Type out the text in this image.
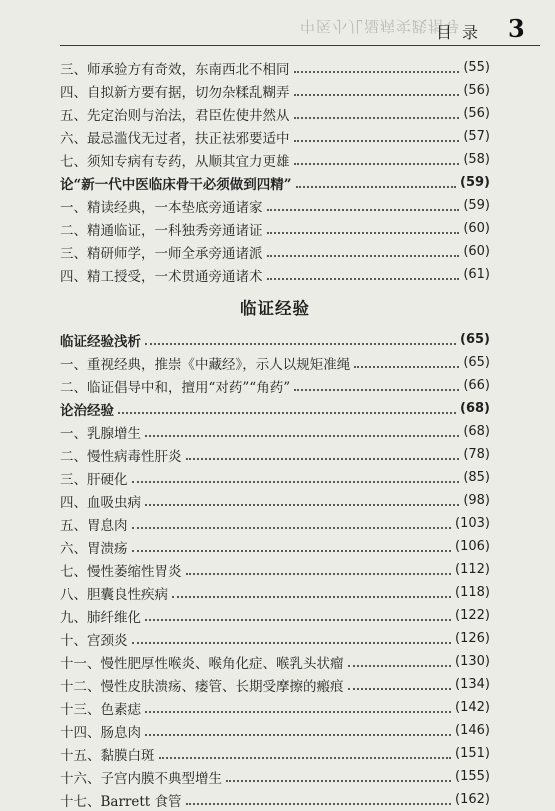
中医小儿湿病实践指导
目录 3
三、师承验方有奇效，东南西北不相同	(55)
四、自拟新方要有据，切勿杂糅乱糊弄	(56)
五、先定治则与治法，君臣佐使井然从	(56)
六、最忌滥伐无过者，扶正祛邪要适中	(57)
七、须知专病有专药，从顺其宜力更雄	(58)
论“新一代中医临床骨干必须做到四精”	(59)
一、精读经典，一本垫底旁通诸家	(59)
二、精通临证，一科独秀旁通诸证	(60)
三、精研师学，一师全承旁通诸派	(60)
四、精工授受，一术贯通旁通诸术	(61)
临证经验
临证经验浅析	(65)
一、重视经典，推崇《中藏经》，示人以规矩准绳	(65)
二、临证倡导中和，擅用“对药”“角药”	(66)
论治经验	(68)
一、乳腺增生	(68)
二、慢性病毒性肝炎	(78)
三、肝硬化	(85)
四、血吸虫病	(98)
五、胃息肉	(103)
六、胃溃疡	(106)
七、慢性萎缩性胃炎	(112)
八、胆囊良性疾病	(118)
九、肺纤维化	(122)
十、宫颈炎	(126)
十一、慢性肥厚性喉炎、喉角化症、喉乳头状瘤	(130)
十二、慢性皮肤溃疡、瘘管、长期受摩擦的瘢痕	(134)
十三、色素痣	(142)
十四、肠息肉	(146)
十五、黏膜白斑	(151)
十六、子宫内膜不典型增生	(155)
十七、Barrett 食管	(162)
